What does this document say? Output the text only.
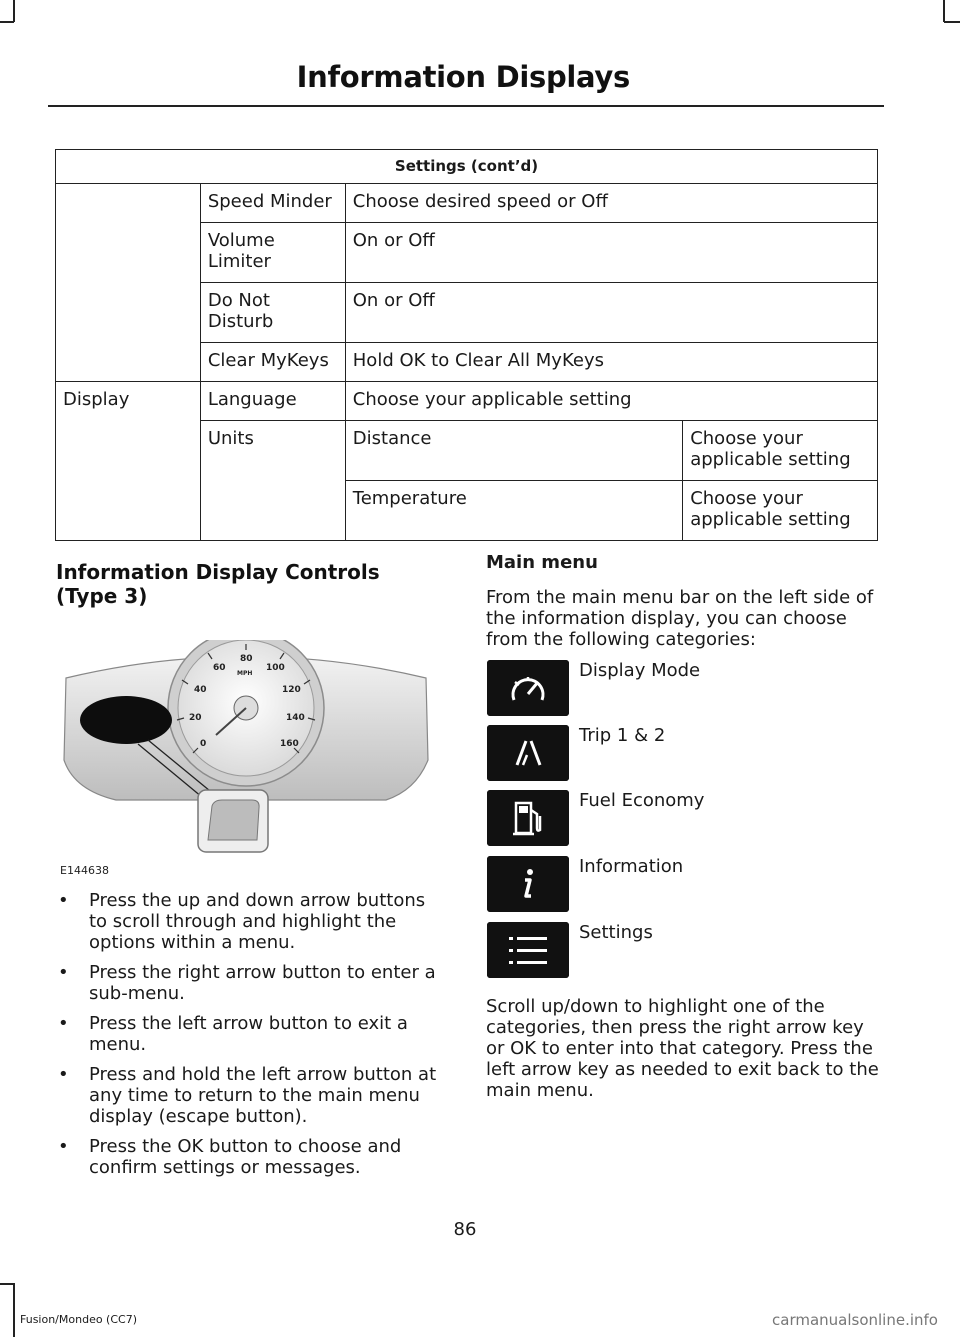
Information Displays
Settings (cont’d)			
	Speed Minder	Choose desired speed or Off	
	Volume Limiter	On or Off	
	Do Not Disturb	On or Off	
	Clear MyKeys	Hold OK to Clear All MyKeys	
Display	Language	Choose your applicable setting	
	Units	Distance	Choose your applicable setting
		Temperature	Choose your applicable setting
Information Display Controls (Type 3)
0
20
40
60
80
100
120
140
160
MPH
E144638
• Press the up and down arrow buttons to scroll through and highlight the options within a menu.
• Press the right arrow button to enter a sub-menu.
• Press the left arrow button to exit a menu.
• Press and hold the left arrow button at any time to return to the main menu display (escape button).
• Press the OK button to choose and confirm settings or messages.
Main menu
From the main menu bar on the left side of the information display, you can choose from the following categories:
Display Mode
Trip 1 & 2
Fuel Economy
Information
Settings
Scroll up/down to highlight one of the categories, then press the right arrow key or OK to enter into that category. Press the left arrow key as needed to exit back to the main menu.
86
Fusion/Mondeo (CC7)	carmanualsonline.info
